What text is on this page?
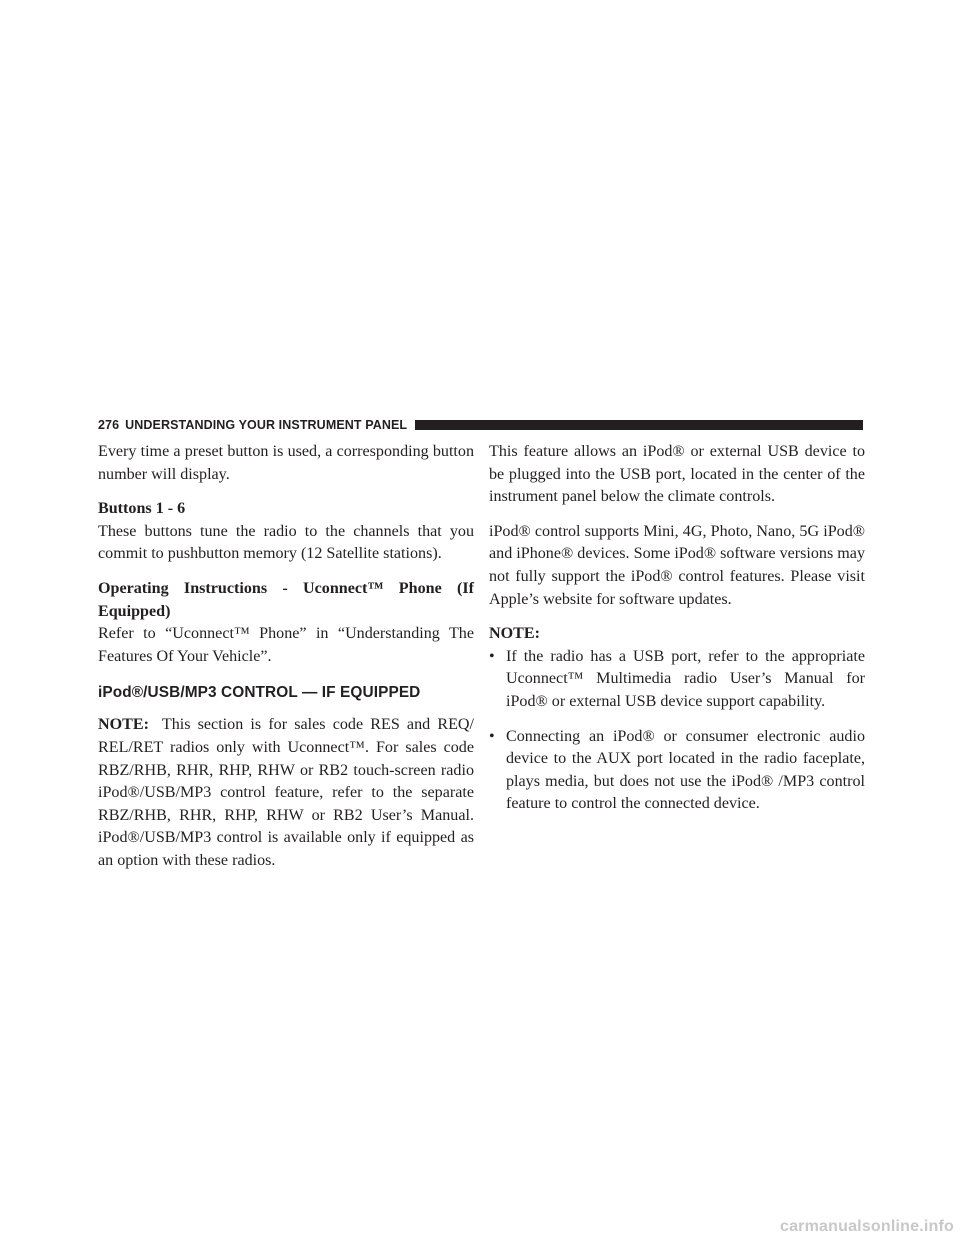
276 UNDERSTANDING YOUR INSTRUMENT PANEL

Every time a preset button is used, a corresponding button number will display.

Buttons 1 - 6
These buttons tune the radio to the channels that you commit to pushbutton memory (12 Satellite stations).

Operating Instructions - Uconnect™ Phone (If Equipped)
Refer to “Uconnect™ Phone” in “Understanding The Features Of Your Vehicle”.

iPod®/USB/MP3 CONTROL — IF EQUIPPED

NOTE: This section is for sales code RES and REQ/ REL/RET radios only with Uconnect™. For sales code RBZ/RHB, RHR, RHP, RHW or RB2 touch-screen radio iPod®/USB/MP3 control feature, refer to the separate RBZ/RHB, RHR, RHP, RHW or RB2 User’s Manual. iPod®/USB/MP3 control is available only if equipped as an option with these radios.

This feature allows an iPod® or external USB device to be plugged into the USB port, located in the center of the instrument panel below the climate controls.

iPod® control supports Mini, 4G, Photo, Nano, 5G iPod® and iPhone® devices. Some iPod® software versions may not fully support the iPod® control features. Please visit Apple’s website for software updates.

NOTE:
• If the radio has a USB port, refer to the appropriate Uconnect™ Multimedia radio User’s Manual for iPod® or external USB device support capability.
• Connecting an iPod® or consumer electronic audio device to the AUX port located in the radio faceplate, plays media, but does not use the iPod® /MP3 control feature to control the connected device.
carmanualsonline.info
